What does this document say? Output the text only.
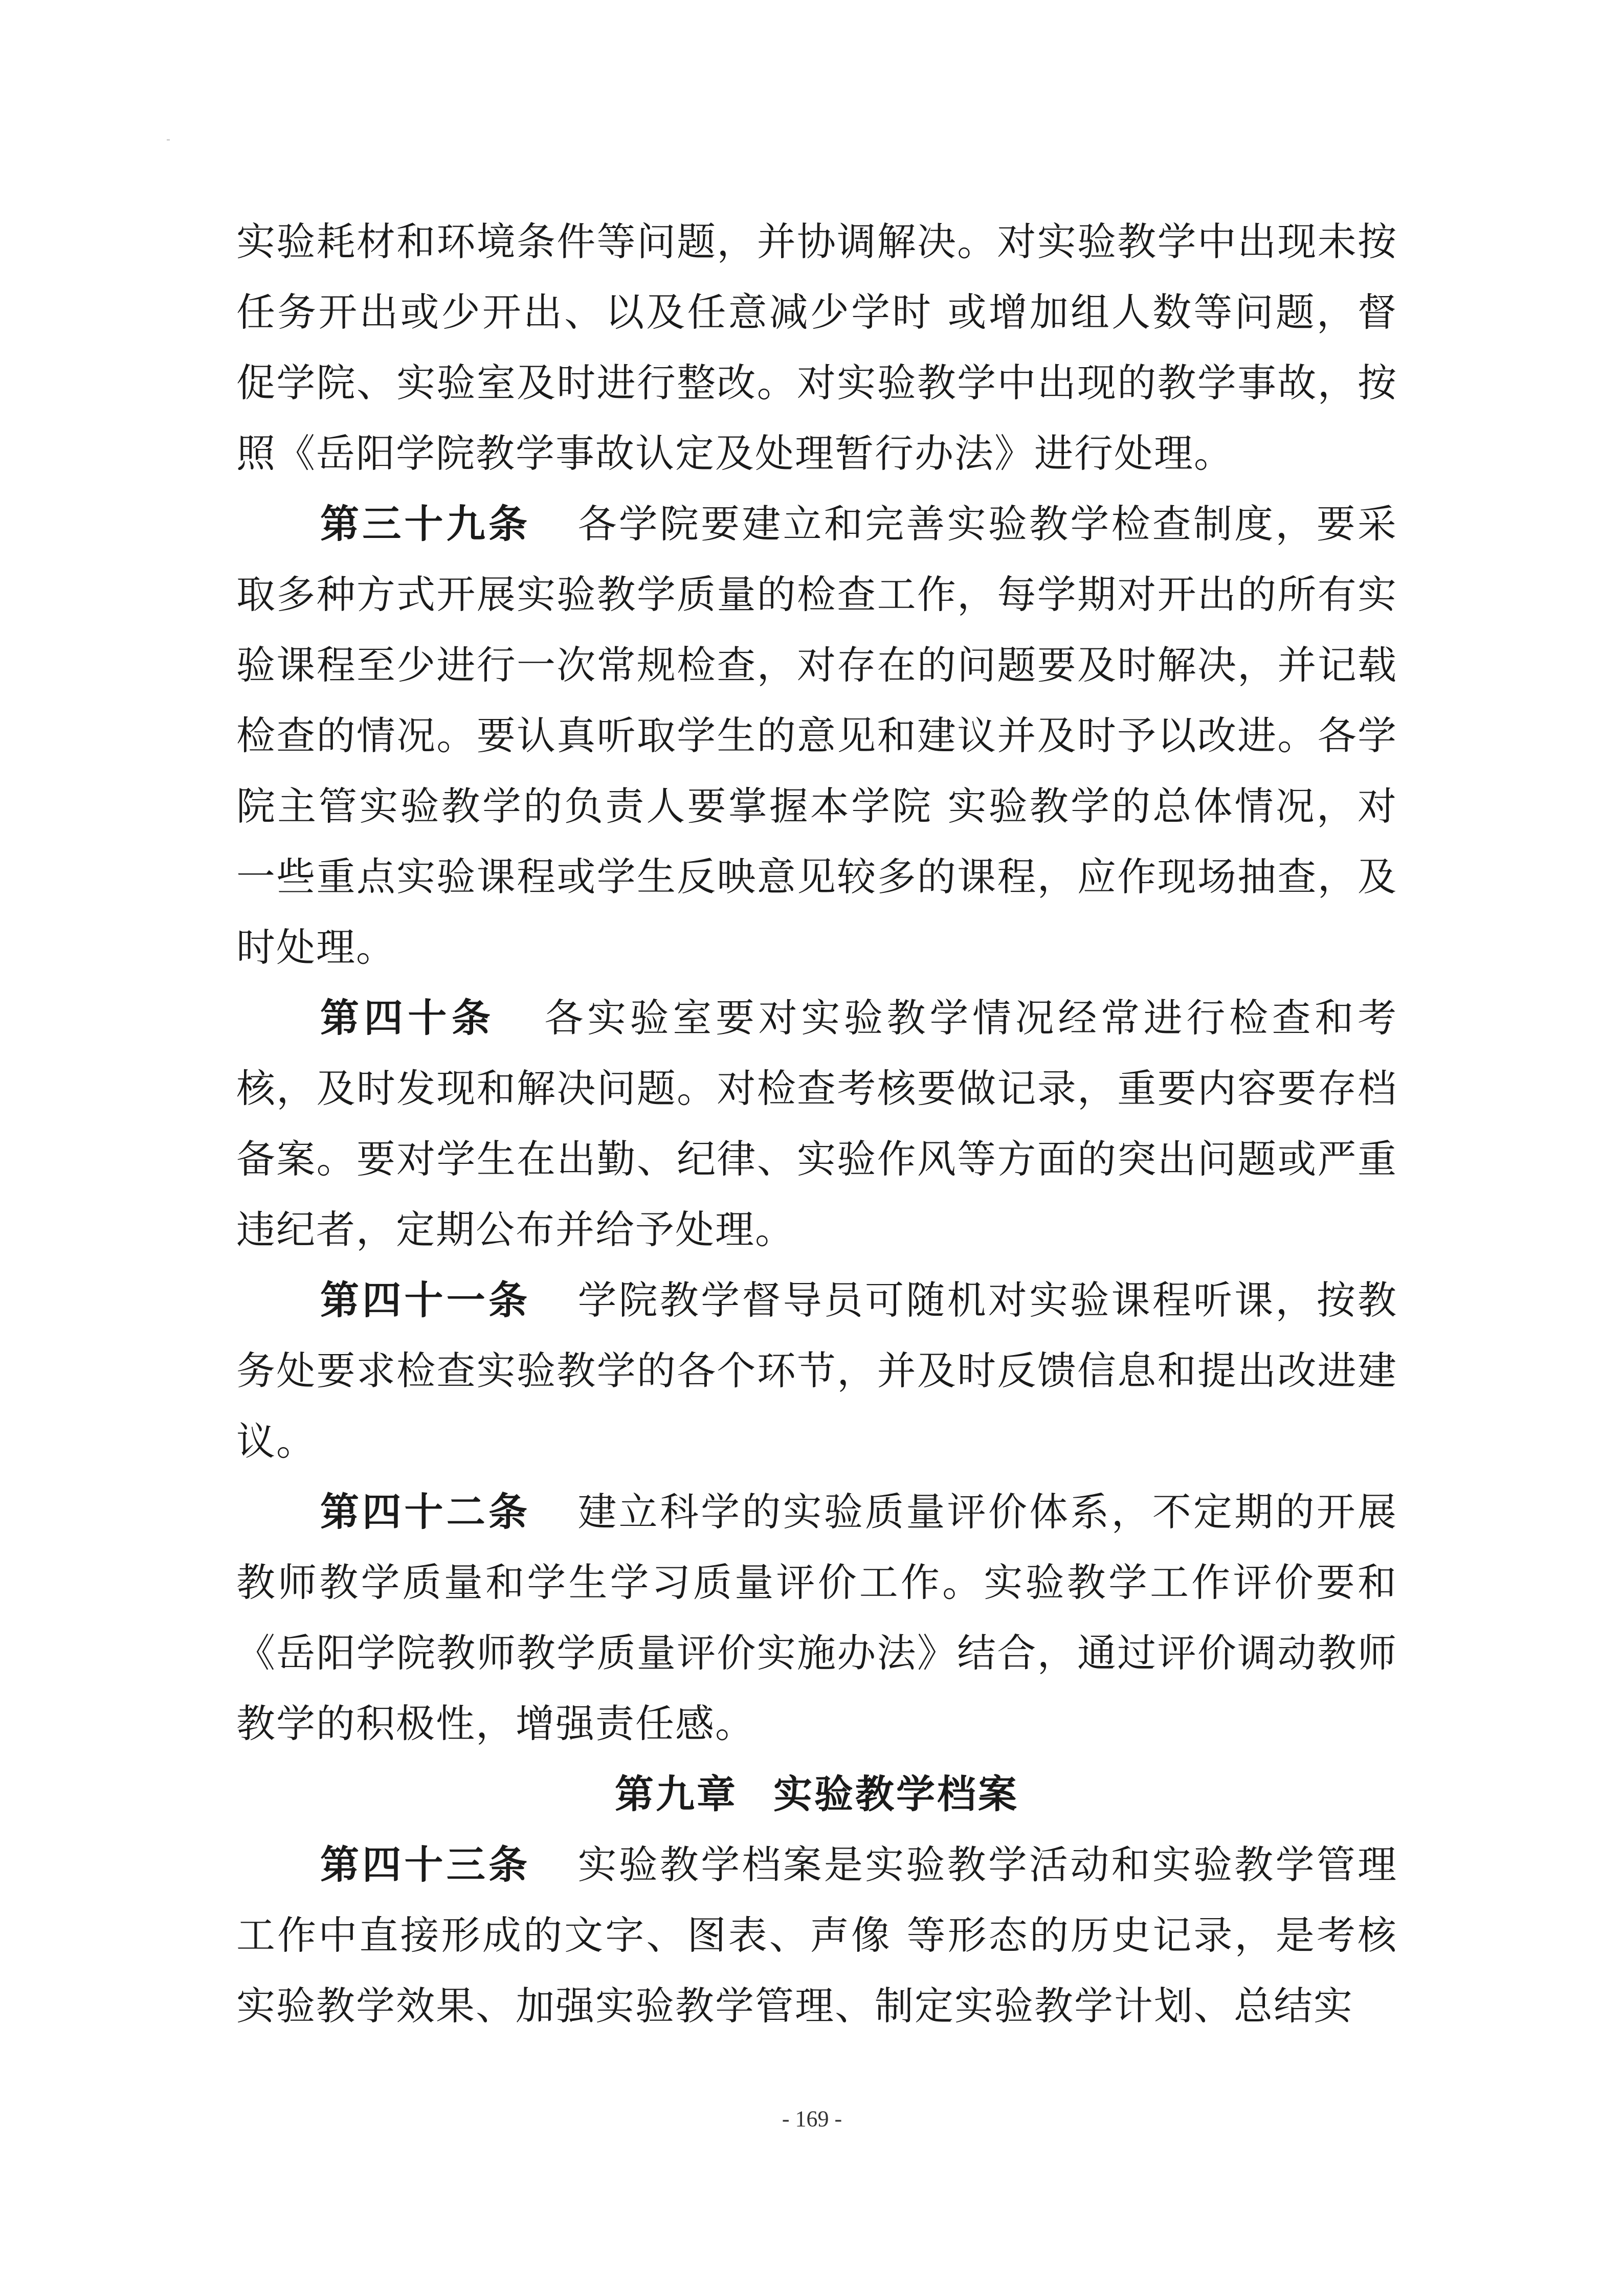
实验耗材和环境条件等问题，并协调解决。对实验教学中出现未按任务开出或少开出、以及任意减少学时 或增加组人数等问题，督促学院、实验室及时进行整改。对实验教学中出现的教学事故，按照《岳阳学院教学事故认定及处理暂行办法》进行处理。

第三十九条 各学院要建立和完善实验教学检查制度，要采取多种方式开展实验教学质量的检查工作，每学期对开出的所有实验课程至少进行一次常规检查，对存在的问题要及时解决，并记载检查的情况。要认真听取学生的意见和建议并及时予以改进。各学院主管实验教学的负责人要掌握本学院 实验教学的总体情况，对一些重点实验课程或学生反映意见较多的课程，应作现场抽查，及时处理。

第四十条 各实验室要对实验教学情况经常进行检查和考核，及时发现和解决问题。对检查考核要做记录，重要内容要存档备案。要对学生在出勤、纪律、实验作风等方面的突出问题或严重违纪者，定期公布并给予处理。

第四十一条 学院教学督导员可随机对实验课程听课，按教务处要求检查实验教学的各个环节，并及时反馈信息和提出改进建议。

第四十二条 建立科学的实验质量评价体系，不定期的开展教师教学质量和学生学习质量评价工作。实验教学工作评价要和《岳阳学院教师教学质量评价实施办法》结合，通过评价调动教师教学的积极性，增强责任感。

第九章 实验教学档案

第四十三条 实验教学档案是实验教学活动和实验教学管理工作中直接形成的文字、图表、声像 等形态的历史记录，是考核实验教学效果、加强实验教学管理、制定实验教学计划、总结实

- 169 -
